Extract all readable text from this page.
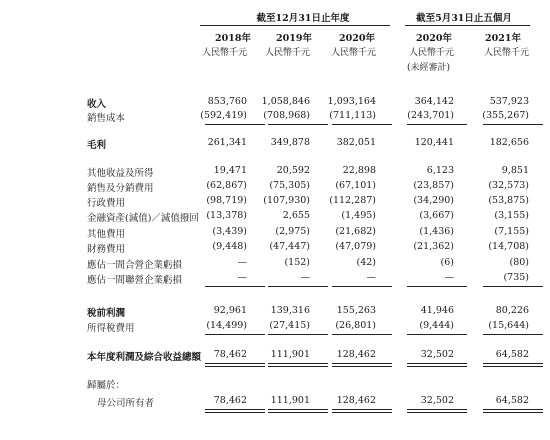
截至12月31日止年度	截至5月31日止五個月
2018年	2019年	2020年	2020年	2021年
人民幣千元 人民幣千元 人民幣千元	人民幣千元	人民幣千元
(未經審計)
收入	853,760 1,058,846 1,093,164	364,142	537,923
銷售成本	(592,419) (708,968) (711,113)	(243,701)	(355,267)
毛利	261,341 349,878	382,051	120,441	182,656
其他收益及所得	19,471	20,592	22,898	6,123	9,851
銷售及分銷費用	(62,867) (75,305)	(67,101)	(23,857)	(32,573)
行政費用	(98,719) (107,930) (112,287)	(34,290)	(53,875)
金融資產(減值)／減值撥回 (13,378)	2,655	(1,495)	(3,667)	(3,155)
其他費用	(3,439)	(2,975)	(21,682)	(1,436)	(7,155)
財務費用	(9,448) (47,447)	(47,079)	(21,362)	(14,708)
應佔一間合營企業虧損	—	(152)	(42)	(6)	(80)
應佔一間聯營企業虧損	—	—	—	—	(735)
稅前利潤	92,961 139,316	155,263	41,946	80,226
所得稅費用	(14,499) (27,415)	(26,801)	(9,444)	(15,644)
本年度利潤及綜合收益總額 78,462 111,901	128,462	32,502	64,582
歸屬於：
母公司所有者	78,462 111,901	128,462	32,502	64,582
